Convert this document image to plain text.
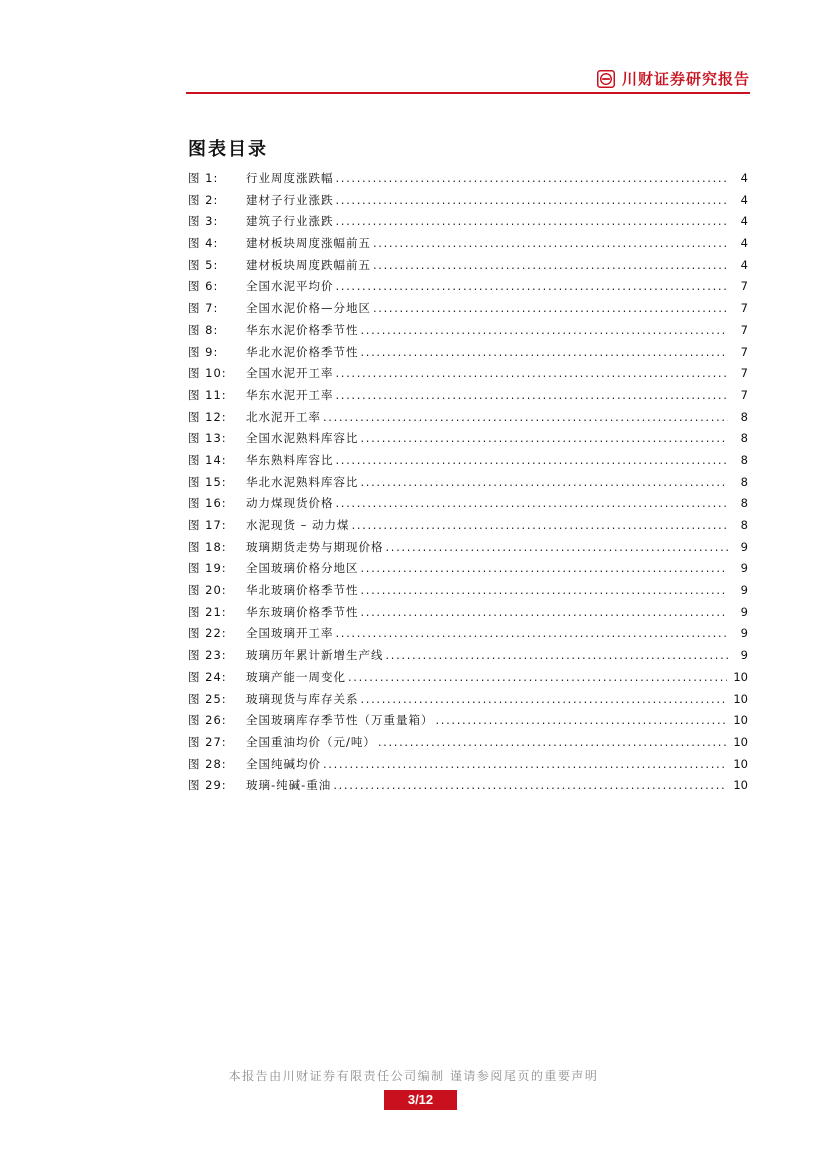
川财证券研究报告
图表目录
图 1:	行业周度涨跌幅 . . .	4
图 2:	建材子行业涨跌 . . .	4
图 3:	建筑子行业涨跌 . . .	4
图 4:	建材板块周度涨幅前五 . . .	4
图 5:	建材板块周度跌幅前五 . . .	4
图 6:	全国水泥平均价 . . .	7
图 7:	全国水泥价格—分地区 . . .	7
图 8:	华东水泥价格季节性 . . .	7
图 9:	华北水泥价格季节性 . . .	7
图 10:	全国水泥开工率 . . .	7
图 11:	华东水泥开工率 . . .	7
图 12:	北水泥开工率 . . .	8
图 13:	全国水泥熟料库容比 . . .	8
图 14:	华东熟料库容比 . . .	8
图 15:	华北水泥熟料库容比 . . .	8
图 16:	动力煤现货价格 . . .	8
图 17:	水泥现货 – 动力煤 . . .	8
图 18:	玻璃期货走势与期现价格 . . .	9
图 19:	全国玻璃价格分地区 . . .	9
图 20:	华北玻璃价格季节性 . . .	9
图 21:	华东玻璃价格季节性 . . .	9
图 22:	全国玻璃开工率 . . .	9
图 23:	玻璃历年累计新增生产线 . . .	9
图 24:	玻璃产能一周变化 . . .	10
图 25:	玻璃现货与库存关系 . . .	10
图 26:	全国玻璃库存季节性（万重量箱） . . .	10
图 27:	全国重油均价（元/吨） . . .	10
图 28:	全国纯碱均价 . . .	10
图 29:	玻璃-纯碱-重油 . . .	10

本报告由川财证券有限责任公司编制 谨请参阅尾页的重要声明

3/12
